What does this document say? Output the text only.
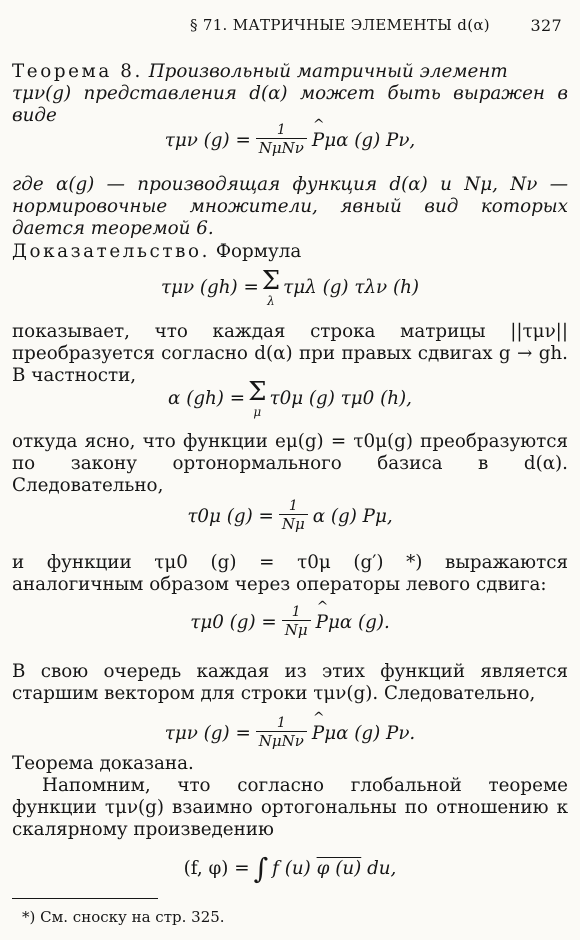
§ 71. МАТРИЧНЫЕ ЭЛЕМЕНТЫ d(α)	327
Теорема 8. Произвольный матричный элемент
τμν(g) представления d(α) может быть выражен в виде
τμν $(g) = \frac{1}{\text{NμNν}}$ ^ P μα (g) Pν,
где α(g) — производящая функция d(α) и Nμ, Nν — нормировочные множители, явный вид которых дается теоремой 6.
Доказательство. Формула
τμν (gh) = Σ
λ
τμλ (g) τλν (h)
показывает, что каждая строка матрицы ||τμν|| преобразуется согласно d(α) при правых сдвигах g → gh. В частности,
α (gh) = Σ
μ
τ0μ (g) τμ0 (h),
откуда ясно, что функции eμ(g) = τ0μ(g) преобразуются по закону ортонормального базиса в d(α). Следовательно,
τ0μ $(g) = \frac{1}{N\mu}$ α (g) Pμ,
и функции τμ0 (g) = τ0μ (g′) *) выражаются аналогичным образом через операторы левого сдвига:
τμ0 $(g) = \frac{1}{N\mu}$ ^ P μα (g).
В свою очередь каждая из этих функций является старшим вектором для строки τμν(g). Следовательно,
τμν $(g) = \frac{1}{\text{NμNν}}$ ^ P μα (g) Pν.
Теорема доказана.
Напомним, что согласно глобальной теореме функции τμν(g) взаимно ортогональны по отношению к скалярному произведению
(f, φ) = ∫ f (u)
φ (u)
du,
*) См. сноску на стр. 325.
